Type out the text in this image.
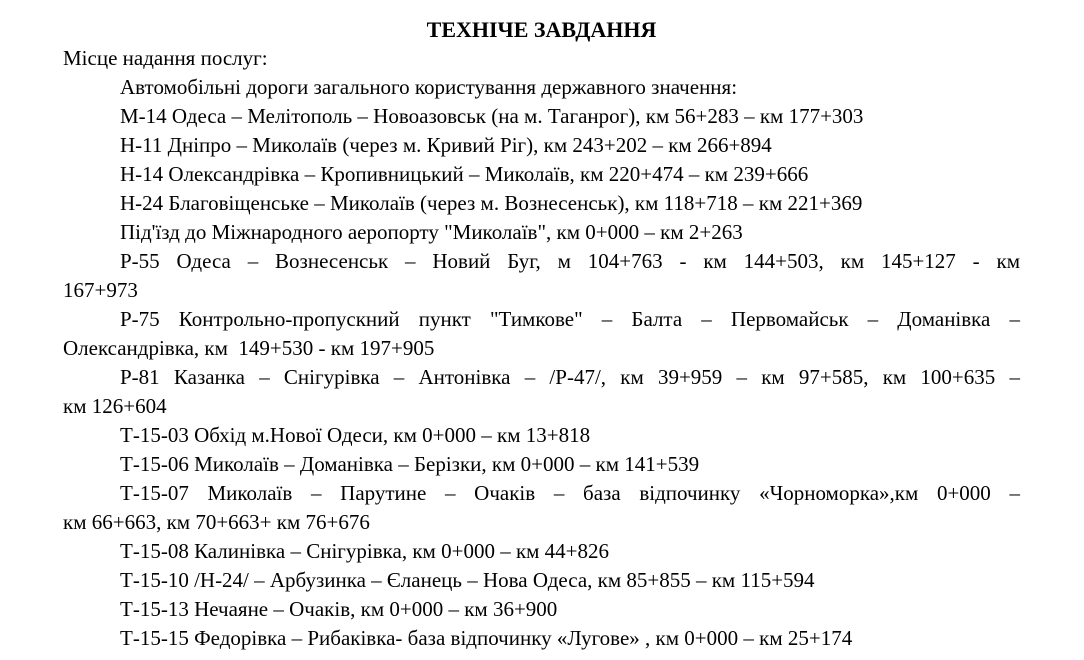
ТЕХНІЧЕ ЗАВДАННЯ

Місце надання послуг:

Автомобільні дороги загального користування державного значення:

М-14 Одеса – Мелітополь – Новоазовськ (на м. Таганрог), км 56+283 – км 177+303

Н-11 Дніпро – Миколаїв (через м. Кривий Ріг), км 243+202 – км 266+894

Н-14 Олександрівка – Кропивницький – Миколаїв, км 220+474 – км 239+666

Н-24 Благовіщенське – Миколаїв (через м. Вознесенськ), км 118+718 – км 221+369

Під'їзд до Міжнародного аеропорту "Миколаїв", км 0+000 – км 2+263

Р-55 Одеса – Вознесенськ – Новий Буг, м 104+763 - км 144+503, км 145+127 - км
167+973

Р-75 Контрольно-пропускний пункт "Тимкове" – Балта – Первомайськ – Доманівка –
Олександрівка, км  149+530 - км 197+905

Р-81 Казанка – Снігурівка – Антонівка – /Р-47/, км 39+959 – км 97+585, км 100+635 –
км 126+604

Т-15-03 Обхід м.Нової Одеси, км 0+000 – км 13+818

Т-15-06 Миколаїв – Доманівка – Берізки, км 0+000 – км 141+539

Т-15-07 Миколаїв – Парутине – Очаків – база відпочинку «Чорноморка»,км 0+000 –
км 66+663, км 70+663+ км 76+676

Т-15-08 Калинівка – Снігурівка, км 0+000 – км 44+826

Т-15-10 /Н-24/ – Арбузинка – Єланець – Нова Одеса, км 85+855 – км 115+594

Т-15-13 Нечаяне – Очаків, км 0+000 – км 36+900

Т-15-15 Федорівка – Рибаківка- база відпочинку «Лугове» , км 0+000 – км 25+174
